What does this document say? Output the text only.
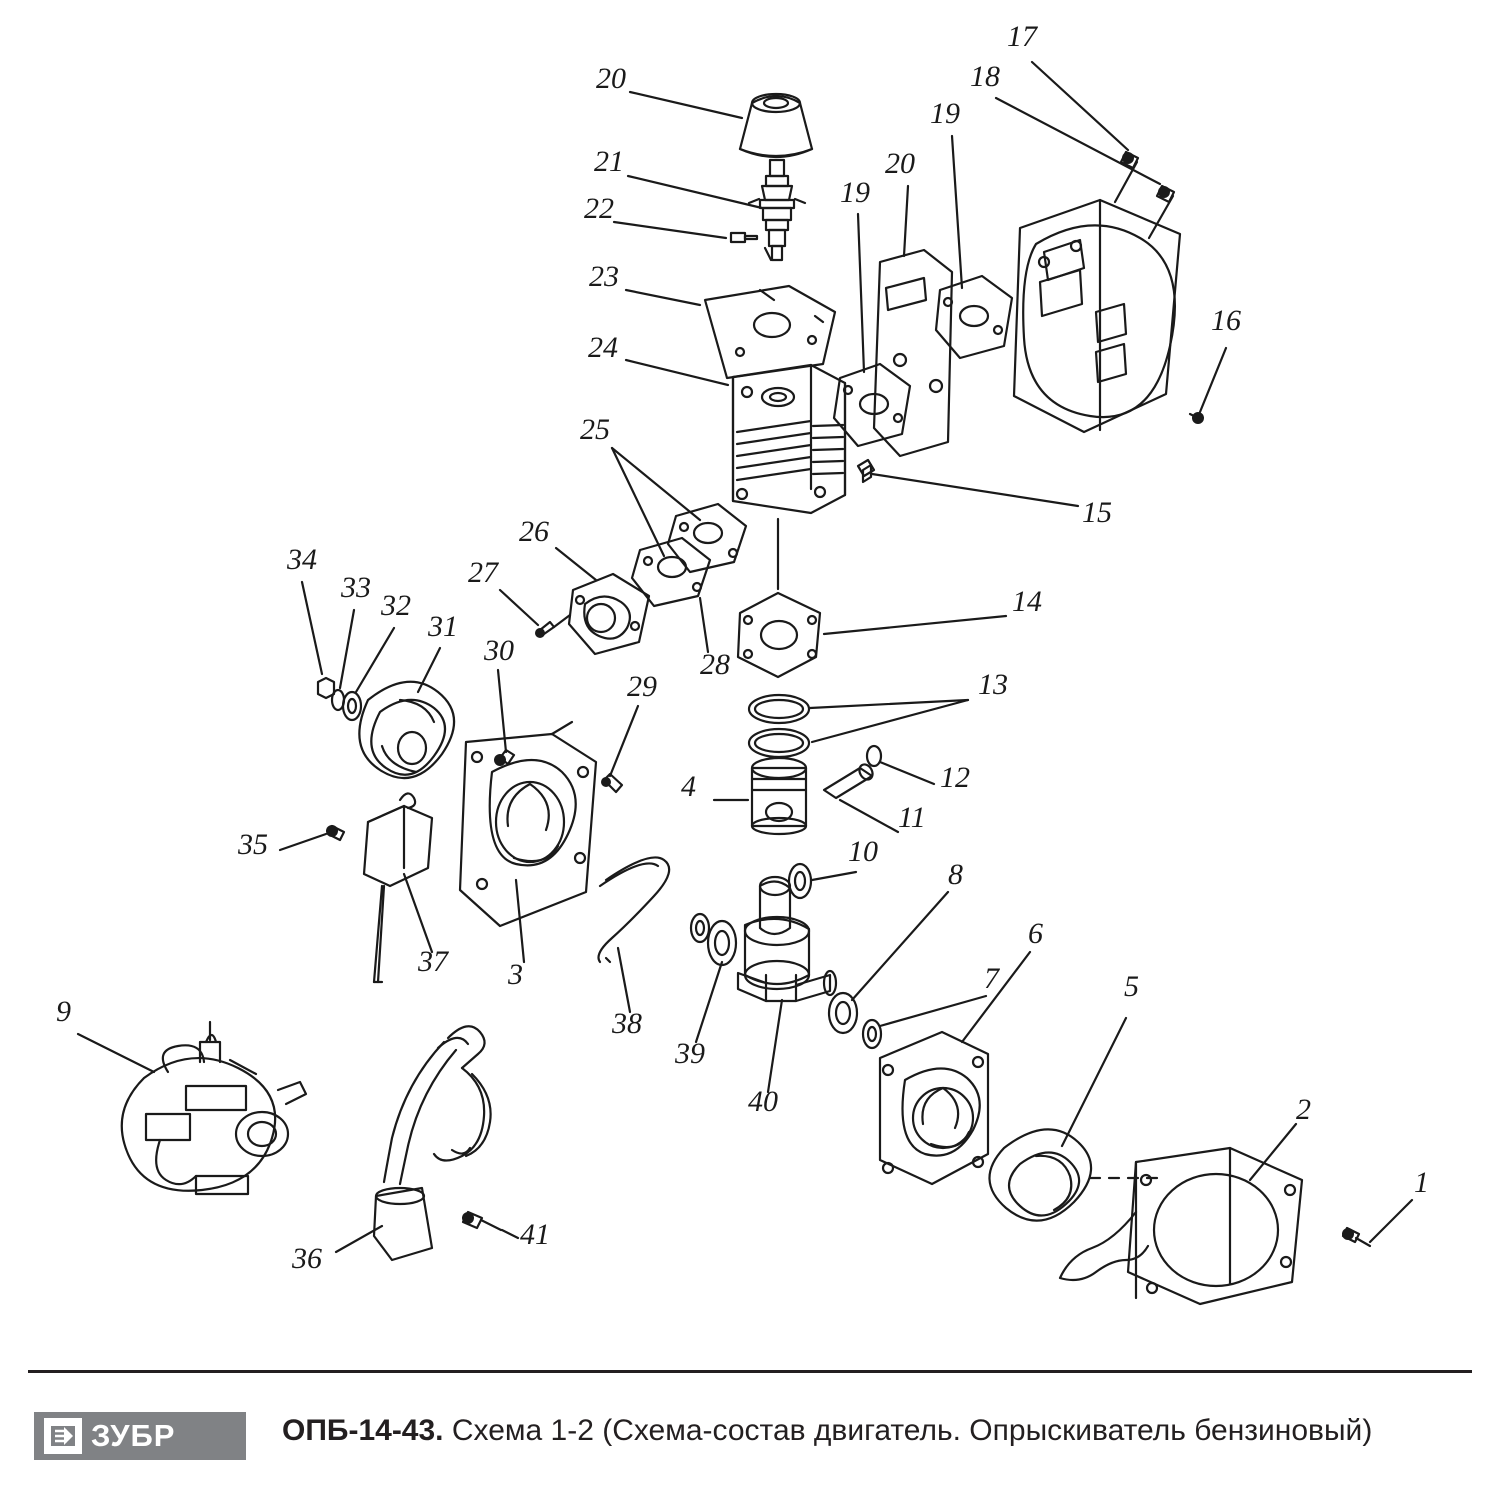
20
21
22
23
24
25
26
27
28
29
30
31
32
33
34
35
36
37
38
39
40
41
1
2
3
4
5
6
7
8
9
10
11
12
13
14
15
16
17
18
19
19
20
ЗУБР	ОПБ-14-43. Схема 1-2 (Схема-состав двигатель. Опрыскиватель бензиновый)
